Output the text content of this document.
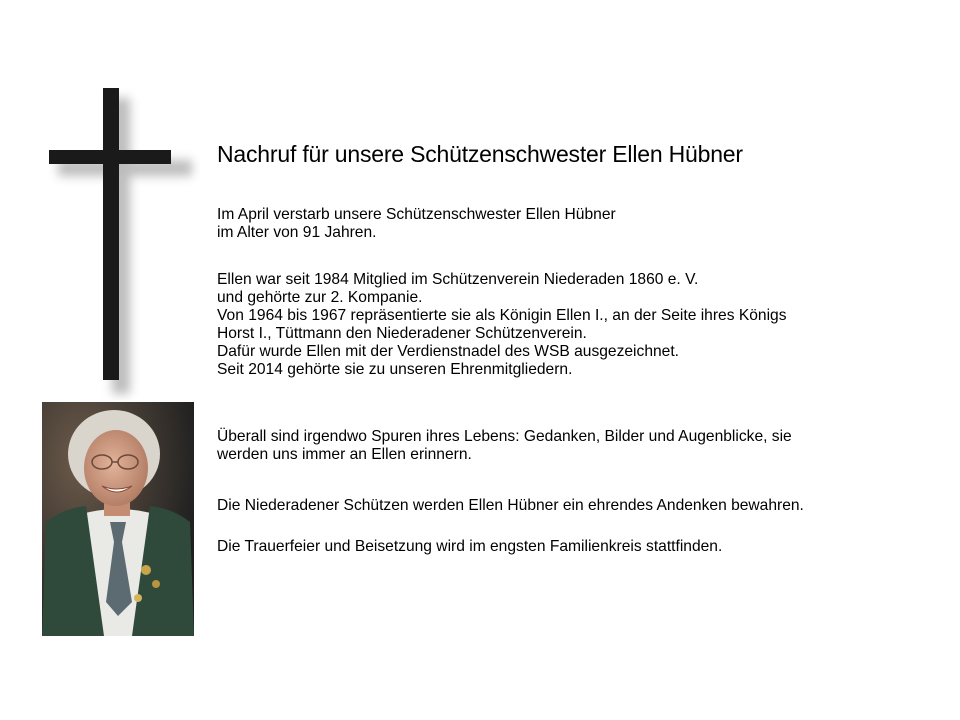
Nachruf für unsere Schützenschwester Ellen Hübner

Im April verstarb unsere Schützenschwester Ellen Hübner
im Alter von 91 Jahren.

Ellen war seit 1984 Mitglied im Schützenverein Niederaden 1860 e. V.
und gehörte zur 2. Kompanie.
Von 1964 bis 1967 repräsentierte sie als Königin Ellen I., an der Seite ihres Königs
Horst I., Tüttmann den Niederadener Schützenverein.
Dafür wurde Ellen mit der Verdienstnadel des WSB ausgezeichnet.
Seit 2014 gehörte sie zu unseren Ehrenmitgliedern.

Überall sind irgendwo Spuren ihres Lebens: Gedanken, Bilder und Augenblicke, sie
werden uns immer an Ellen erinnern.

Die Niederadener Schützen werden Ellen Hübner ein ehrendes Andenken bewahren.

Die Trauerfeier und Beisetzung wird im engsten Familienkreis stattfinden.
